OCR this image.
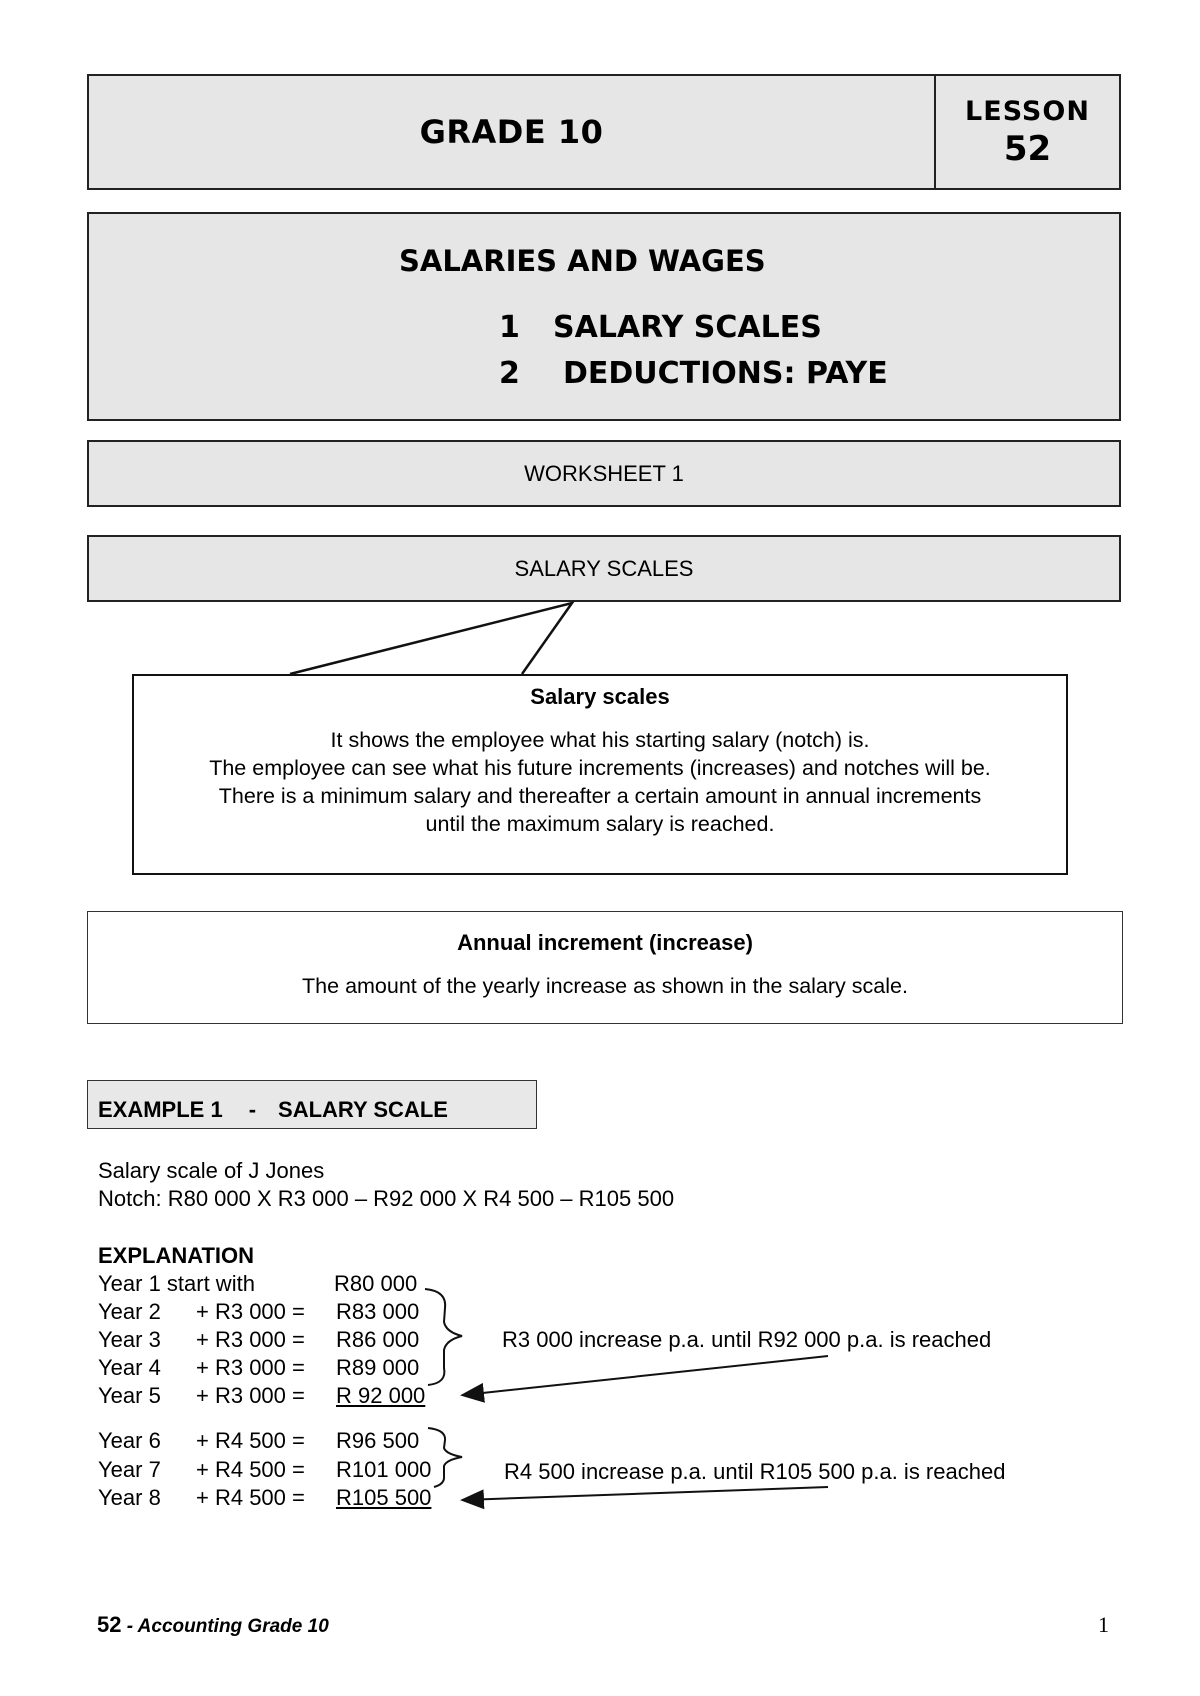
GRADE 10
LESSON
52
SALARIES AND WAGES
1 SALARY SCALES
2 DEDUCTIONS: PAYE
WORKSHEET 1
SALARY SCALES
Salary scales
It shows the employee what his starting salary (notch) is.
The employee can see what his future increments (increases) and notches will be.
There is a minimum salary and thereafter a certain amount in annual increments
until the maximum salary is reached.
Annual increment (increase)
The amount of the yearly increase as shown in the salary scale.
EXAMPLE 1 - SALARY SCALE
Salary scale of J Jones
Notch: R80 000 X R3 000 – R92 000 X R4 500 – R105 500
EXPLANATION
Year 1 start with	R80 000
Year 2 + R3 000 = R83 000
Year 3 + R3 000 = R86 000
Year 4 + R3 000 = R89 000
Year 5 + R3 000 = R 92 000
Year 6 + R4 500 = R96 500
Year 7 + R4 500 = R101 000
Year 8 + R4 500 = R105 500
R3 000 increase p.a. until R92 000 p.a. is reached
R4 500 increase p.a. until R105 500 p.a. is reached
52 - Accounting Grade 10	1
